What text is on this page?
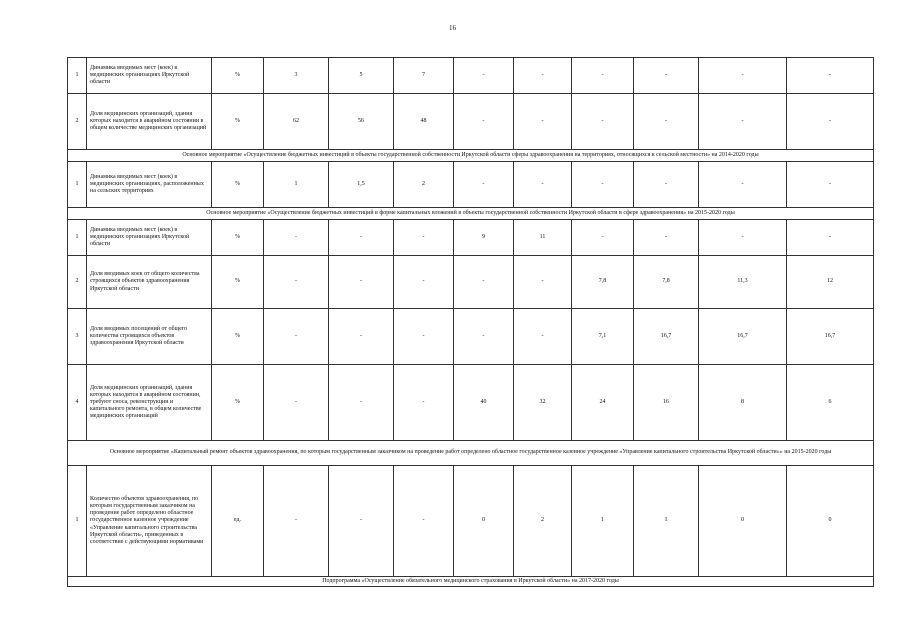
16
1	Динамика вводимых мест (коек) в медицинских организациях Иркутской области	%	3	5	7	-	-	-	-	-	-
2	Доля медицинских организаций, здания которых находятся в аварийном состоянии в общем количестве медицинских организаций	%	62	56	48	-	-	-	-	-	-
Основное мероприятие «Осуществление бюджетных инвестиций в объекты государственной собственности Иркутской области сферы здравоохранения на территориях, относящихся к сельской местности» на 2014-2020 годы											
1	Динамика вводимых мест (коек) в медицинских организациях, расположенных на сельских территориях	%	1	1,5	2	-	-	-	-	-	-
Основное мероприятие «Осуществление бюджетных инвестиций в форме капитальных вложений в объекты государственной собственности Иркутской области в сфере здравоохранения» на 2015-2020 годы											
1	Динамика вводимых мест (коек) в медицинских организациях Иркутской области	%	-	-	-	9	11	-	-	-	-
2	Доля вводимых коек от общего количества строящихся объектов здравоохранения Иркутской области	%	-	-	-	-	-	7,8	7,8	11,3	12
3	Доля вводимых посещений от общего количества строящихся объектов здравоохранения Иркутской области	%	-	-	-	-	-	7,1	16,7	16,7	16,7
4	Доля медицинских организаций, здания которых находятся в аварийном состоянии, требуют сноса, реконструкции и капитального ремонта, в общем количестве медицинских организаций	%	-	-	-	40	32	24	16	8	6
Основное мероприятие «Капитальный ремонт объектов здравоохранения, по которым государственным заказчиком на проведение работ определено областное государственное казенное учреждение «Управление капитального строительства Иркутской области»» на 2015-2020 годы											
1	Количество объектов здравоохранения, по которым государственным заказчиком на проведение работ определено областное государственное казенное учреждение «Управление капитального строительства Иркутской области», приведенных в соответствие с действующими нормативами	ед.	-	-	-	0	2	1	1	0	0
Подпрограмма «Осуществление обязательного медицинского страхования в Иркутской области» на 2017-2020 годы											
